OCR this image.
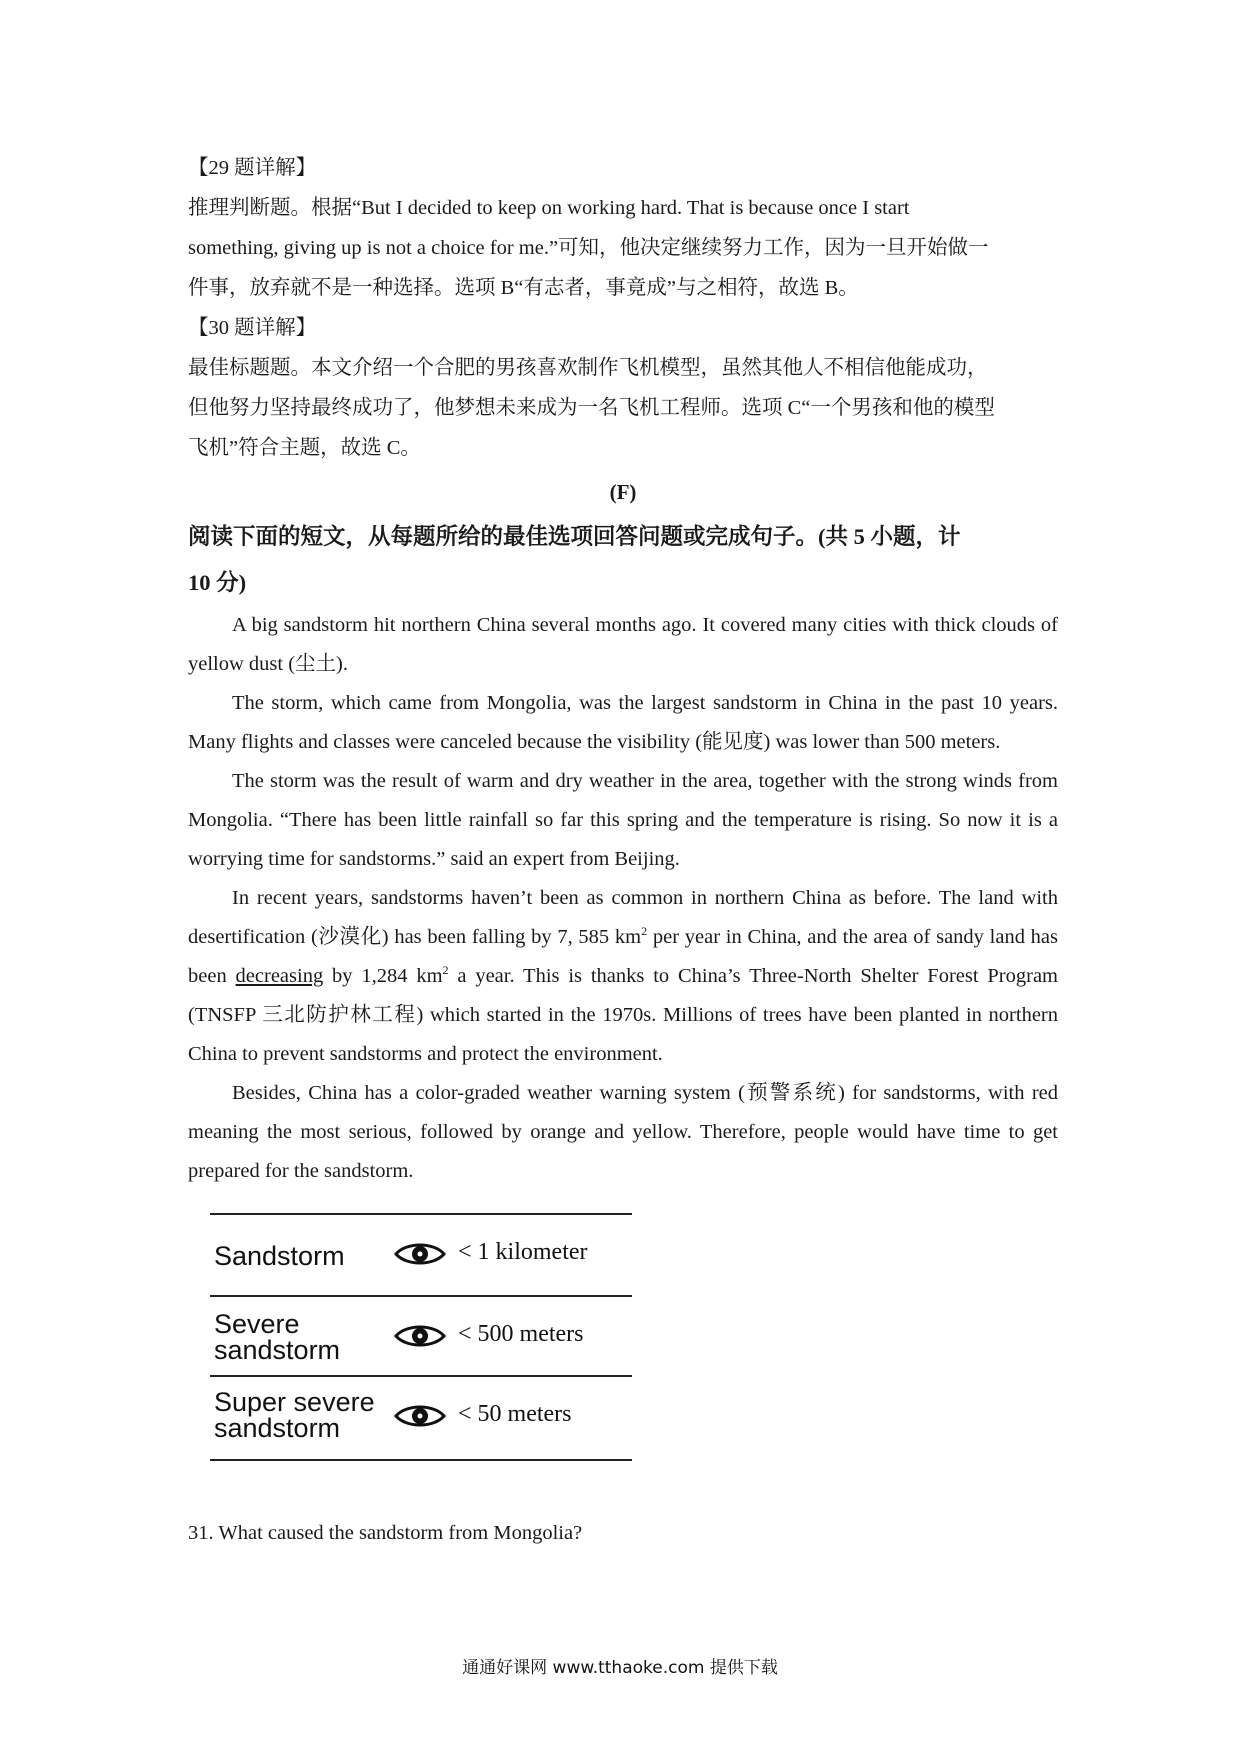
【29 题详解】
推理判断题。根据“But I decided to keep on working hard. That is because once I start
something, giving up is not a choice for me.”可知，他决定继续努力工作，因为一旦开始做一
件事，放弃就不是一种选择。选项 B“有志者，事竟成”与之相符，故选 B。
【30 题详解】
最佳标题题。本文介绍一个合肥的男孩喜欢制作飞机模型，虽然其他人不相信他能成功，
但他努力坚持最终成功了，他梦想未来成为一名飞机工程师。选项 C“一个男孩和他的模型
飞机”符合主题，故选 C。
(F)
阅读下面的短文，从每题所给的最佳选项回答问题或完成句子。(共 5 小题，计
10 分)
A big sandstorm hit northern China several months ago. It covered many cities with thick clouds of yellow dust (尘土).
The storm, which came from Mongolia, was the largest sandstorm in China in the past 10 years. Many flights and classes were canceled because the visibility (能见度) was lower than 500 meters.
The storm was the result of warm and dry weather in the area, together with the strong winds from Mongolia. “There has been little rainfall so far this spring and the temperature is rising. So now it is a worrying time for sandstorms.” said an expert from Beijing.
In recent years, sandstorms haven’t been as common in northern China as before. The land with desertification (沙漠化) has been falling by 7, 585 $km^2$ per year in China, and the area of sandy land has been decreasing by 1,284 $km^2$ a year. This is thanks to China’s Three-North Shelter Forest Program (TNSFP 三北防护林工程) which started in the 1970s. Millions of trees have been planted in northern China to prevent sandstorms and protect the environment.
Besides, China has a color-graded weather warning system (预警系统) for sandstorms, with red meaning the most serious, followed by orange and yellow. Therefore, people would have time to get prepared for the sandstorm.
Sandstorm	< 1 kilometer
Severe
sandstorm
< 500 meters
Super severe
sandstorm	< 50 meters
31. What caused the sandstorm from Mongolia?
通通好课网 www.tthaoke.com 提供下载
